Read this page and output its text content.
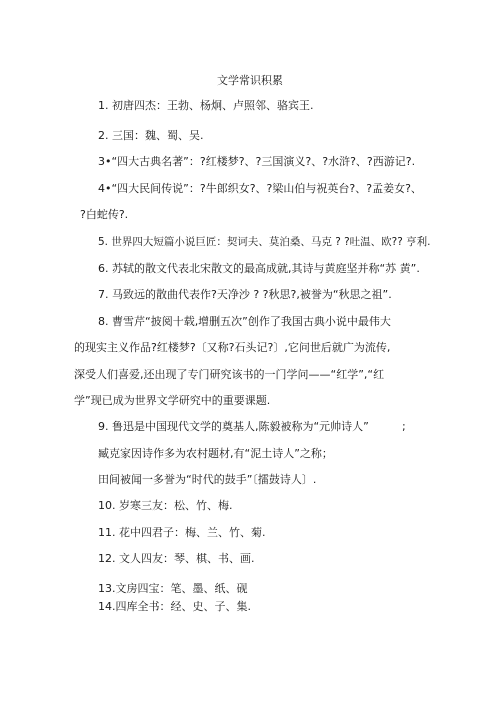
文学常识积累
1. 初唐四杰：王勃、杨炯、卢照邻、骆宾王.
2. 三国：魏、蜀、吴.
3•“四大古典名著”：?红楼梦?、?三国演义?、?水浒?、?西游记?.
4•“四大民间传说”：?牛郎织女?、?梁山伯与祝英台?、?孟姜女?、
?白蛇传?.
5. 世界四大短篇小说巨匠：契诃夫、莫泊桑、马克 ? ?吐温、欧?? 亨利.
6. 苏轼的散文代表北宋散文的最高成就,其诗与黄庭坚并称“苏 黄”.
7. 马致远的散曲代表作?天净沙 ? ?秋思?,被誉为“秋思之祖”.
8. 曹雪芹“披阅十载,增删五次”创作了我国古典小说中最伟大
的现实主义作品?红楼梦?〔又称?石头记?〕,它问世后就广为流传,
深受人们喜爱,还出现了专门研究该书的一门学问——“红学”,“红
学”现已成为世界文学研究中的重要课题.
9. 鲁迅是中国现代文学的奠基人,陈毅被称为“元帅诗人”	;
臧克家因诗作多为农村题材,有“泥土诗人”之称；
田间被闻一多誉为“时代的鼓手”〔擂鼓诗人〕.
10. 岁寒三友：松、竹、梅.
11. 花中四君子：梅、兰、竹、菊.
12. 文人四友：琴、棋、书、画.
13.文房四宝：笔、墨、纸、砚
14.四库全书：经、史、子、集.
